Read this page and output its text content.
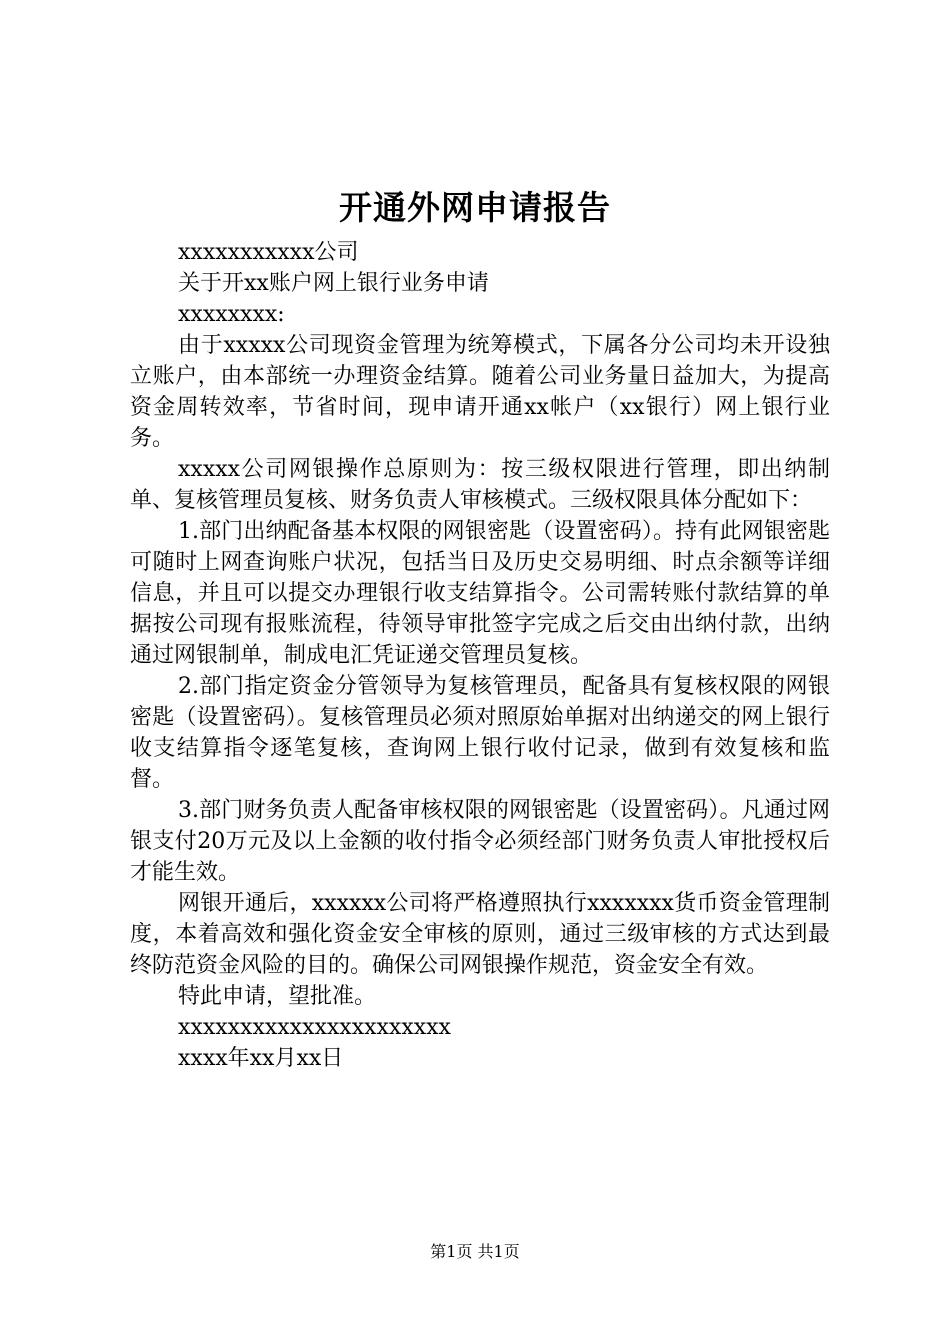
开通外网申请报告
xxxxxxxxxxx公司
关于开xx账户网上银行业务申请
xxxxxxxx:
由于xxxxx公司现资金管理为统筹模式，下属各分公司均未开设独立账户，由本部统一办理资金结算。随着公司业务量日益加大，为提高资金周转效率，节省时间，现申请开通xx帐户（xx银行）网上银行业务。
xxxxx公司网银操作总原则为：按三级权限进行管理，即出纳制单、复核管理员复核、财务负责人审核模式。三级权限具体分配如下：
1.部门出纳配备基本权限的网银密匙（设置密码）。持有此网银密匙可随时上网查询账户状况，包括当日及历史交易明细、时点余额等详细信息，并且可以提交办理银行收支结算指令。公司需转账付款结算的单据按公司现有报账流程，待领导审批签字完成之后交由出纳付款，出纳通过网银制单，制成电汇凭证递交管理员复核。
2.部门指定资金分管领导为复核管理员，配备具有复核权限的网银密匙（设置密码）。复核管理员必须对照原始单据对出纳递交的网上银行收支结算指令逐笔复核，查询网上银行收付记录，做到有效复核和监督。
3.部门财务负责人配备审核权限的网银密匙（设置密码）。凡通过网银支付20万元及以上金额的收付指令必须经部门财务负责人审批授权后才能生效。
网银开通后，xxxxxx公司将严格遵照执行xxxxxxx货币资金管理制度，本着高效和强化资金安全审核的原则，通过三级审核的方式达到最终防范资金风险的目的。确保公司网银操作规范，资金安全有效。
特此申请，望批准。
xxxxxxxxxxxxxxxxxxxxxx
xxxx年xx月xx日
第1页 共1页
